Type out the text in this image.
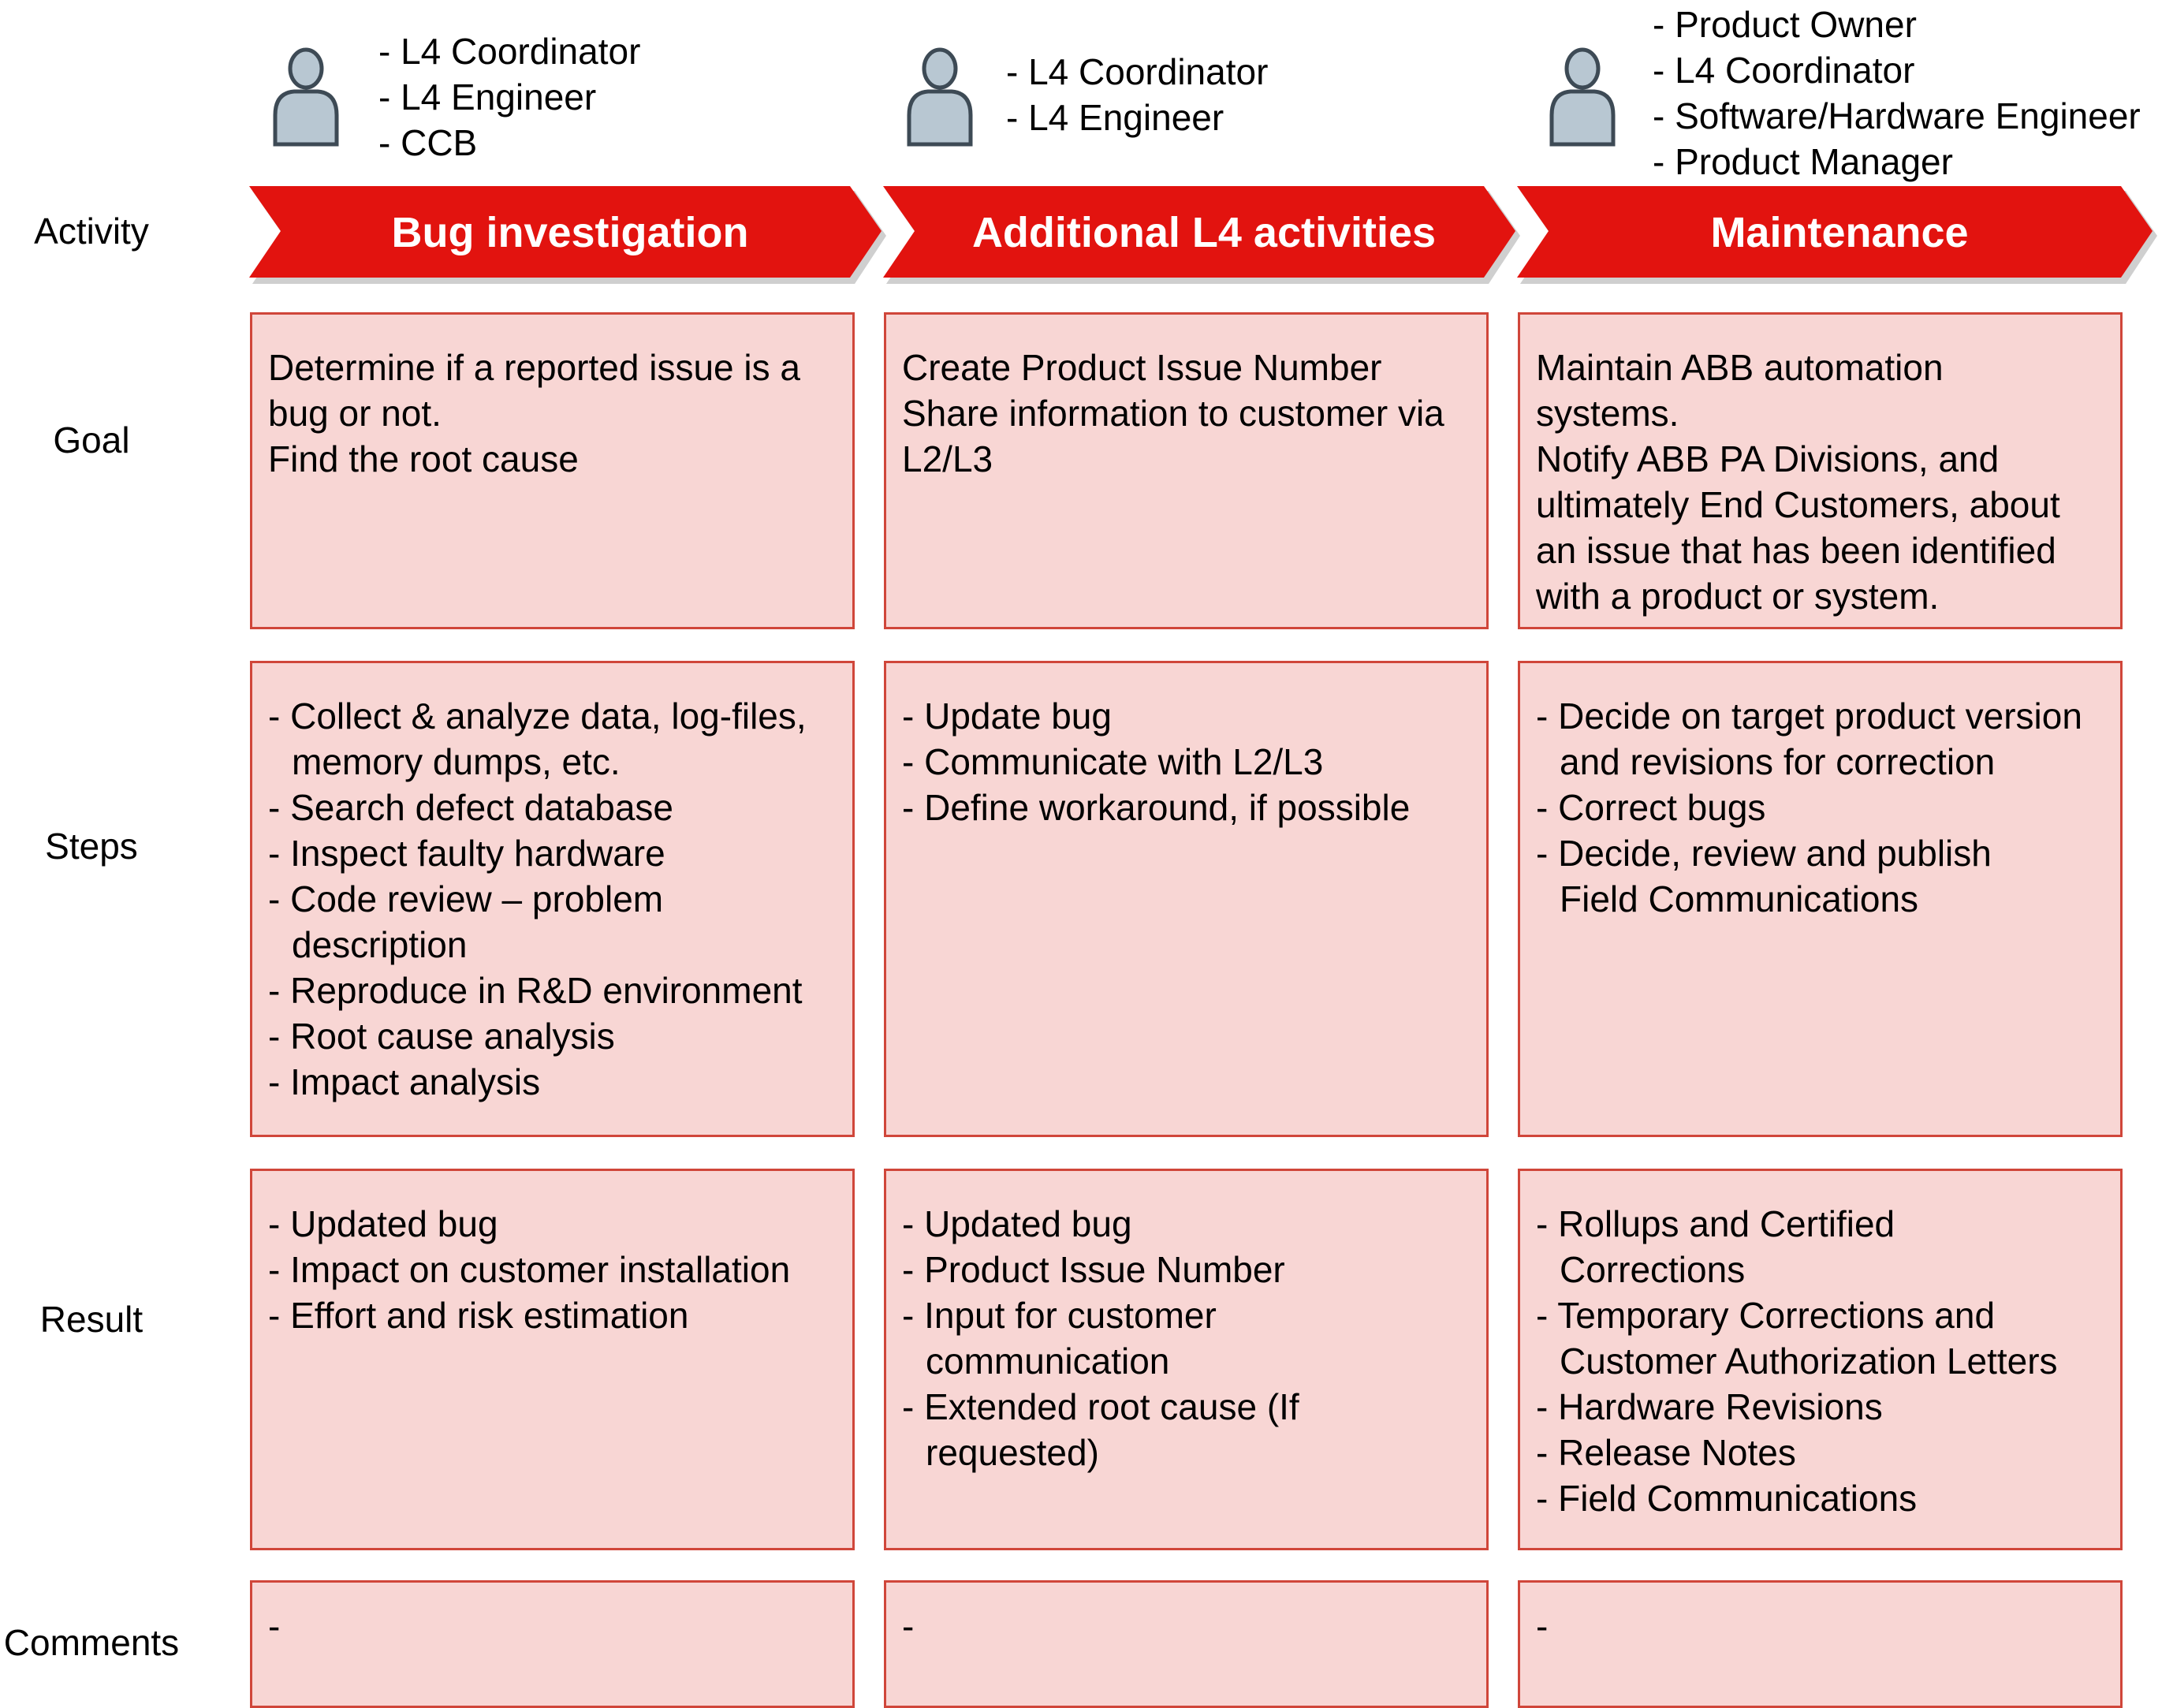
Activity
Goal
Steps
Result
Comments
- L4 Coordinator
- L4 Engineer
- CCB
Bug investigation

Determine if a reported issue is a
bug or not.
Find the root cause

- Collect & analyze data, log-files, memory dumps, etc.
- Search defect database
- Inspect faulty hardware
- Code review – problem description
- Reproduce in R&D environment
- Root cause analysis
- Impact analysis
- Updated bug
- Impact on customer installation
- Effort and risk estimation

-

- L4 Coordinator
- L4 Engineer
Additional L4 activities

Create Product Issue Number
Share information to customer via
L2/L3

- Update bug
- Communicate with L2/L3
- Define workaround, if possible
- Updated bug
- Product Issue Number
- Input for customer communication
- Extended root cause (If requested)

-

- Product Owner
- L4 Coordinator
- Software/Hardware Engineer
- Product Manager
Maintenance

Maintain ABB automation
systems.
Notify ABB PA Divisions, and
ultimately End Customers, about
an issue that has been identified
with a product or system.

- Decide on target product version and revisions for correction
- Correct bugs
- Decide, review and publish Field Communications
- Rollups and Certified Corrections
- Temporary Corrections and Customer Authorization Letters
- Hardware Revisions
- Release Notes
- Field Communications

-
